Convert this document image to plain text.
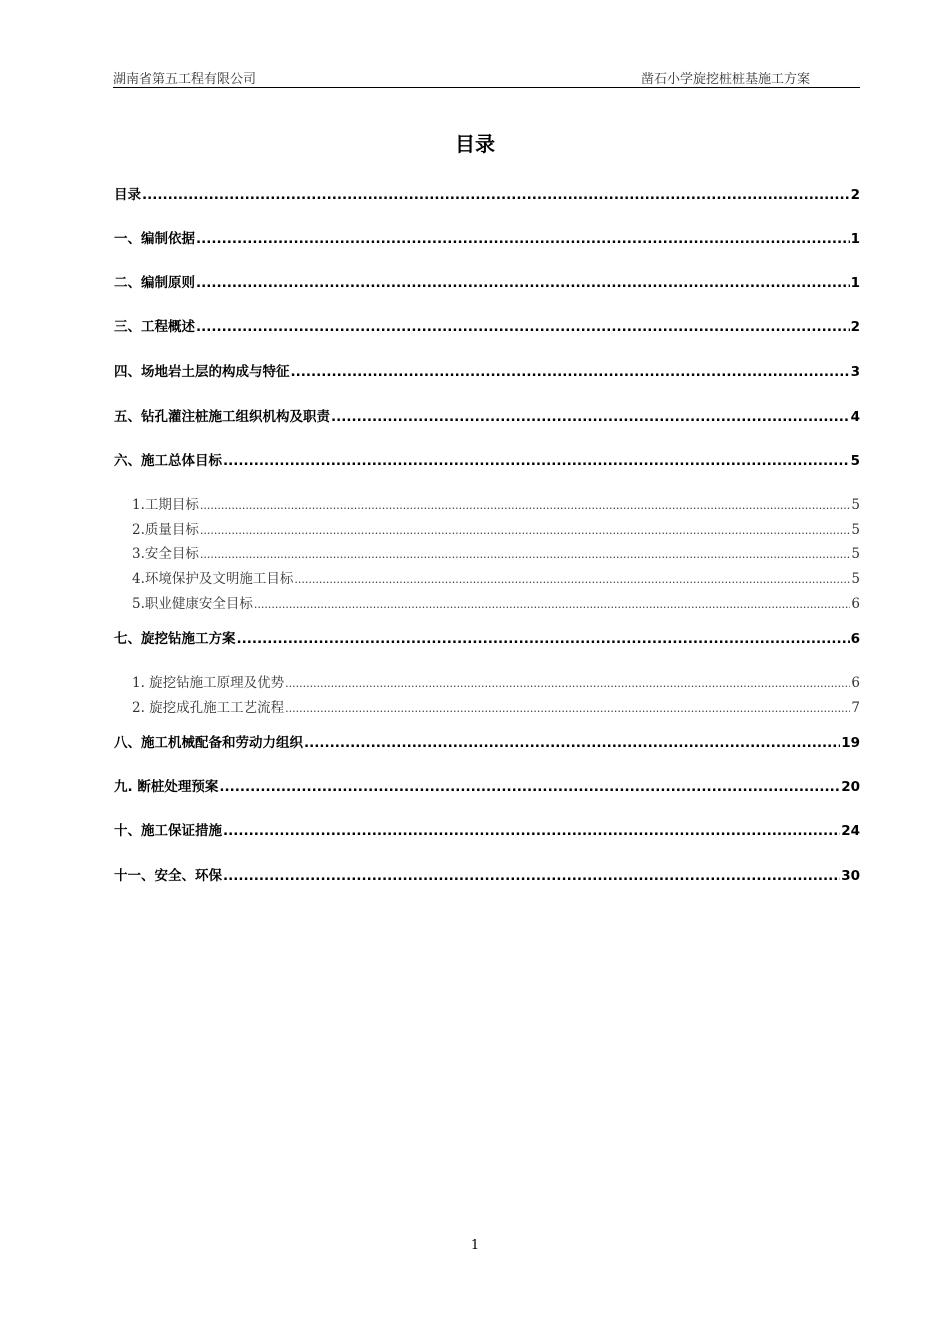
湖南省第五工程有限公司	凿石小学旋挖桩桩基施工方案
目录
目录 .....	2
一、编制依据 .....	1
二、编制原则 .....	1
三、工程概述 .....	2
四、场地岩土层的构成与特征 .....	3
五、钻孔灌注桩施工组织机构及职责 .....	4
六、施工总体目标 .....	5
1.工期目标 .....	5
2.质量目标 .....	5
3.安全目标 .....	5
4.环境保护及文明施工目标 .....	5
5.职业健康安全目标 .....	6
七、旋挖钻施工方案 .....	6
1. 旋挖钻施工原理及优势 .....	6
2. 旋挖成孔施工工艺流程 .....	7
八、施工机械配备和劳动力组织 .....	19
九. 断桩处理预案 .....	20
十、施工保证措施 .....	24
十一、安全、环保 .....	30
1
